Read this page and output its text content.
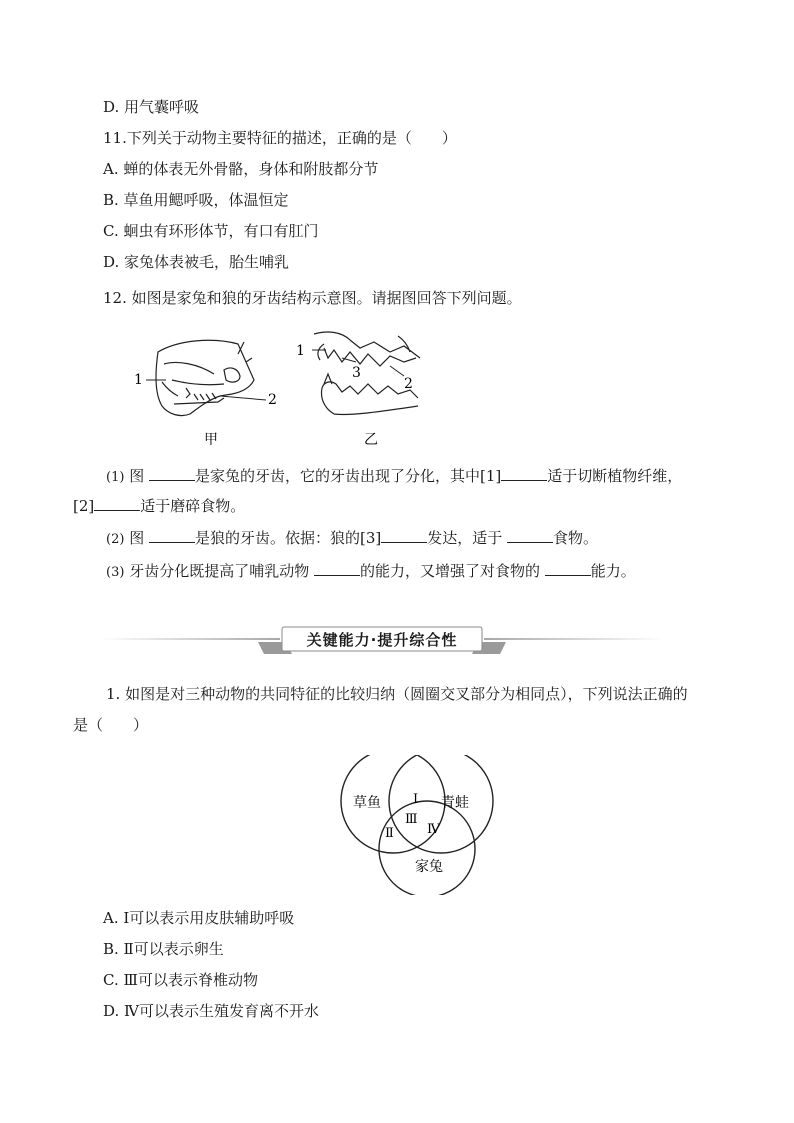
D. 用气囊呼吸
11.下列关于动物主要特征的描述，正确的是（　　）
A. 蝉的体表无外骨骼，身体和附肢都分节
B. 草鱼用鳃呼吸，体温恒定
C. 蛔虫有环形体节，有口有肛门
D. 家兔体表被毛，胎生哺乳
12. 如图是家兔和狼的牙齿结构示意图。请据图回答下列问题。
1
2
甲
1
3
2
乙
(1) 图	是家兔的牙齿，它的牙齿出现了分化，其中[1]	适于切断植物纤维，
[2]	适于磨碎食物。
(2) 图	是狼的牙齿。依据：狼的[3]	发达，适于	食物。
(3) 牙齿分化既提高了哺乳动物	的能力，又增强了对食物的	能力。
关键能力·提升综合性
1. 如图是对三种动物的共同特征的比较归纳（圆圈交叉部分为相同点），下列说法正确的
是（　　）
草鱼	青蛙
家兔
Ⅰ
Ⅱ
Ⅲ
Ⅳ
A. Ⅰ可以表示用皮肤辅助呼吸
B. Ⅱ可以表示卵生
C. Ⅲ可以表示脊椎动物
D. Ⅳ可以表示生殖发育离不开水
